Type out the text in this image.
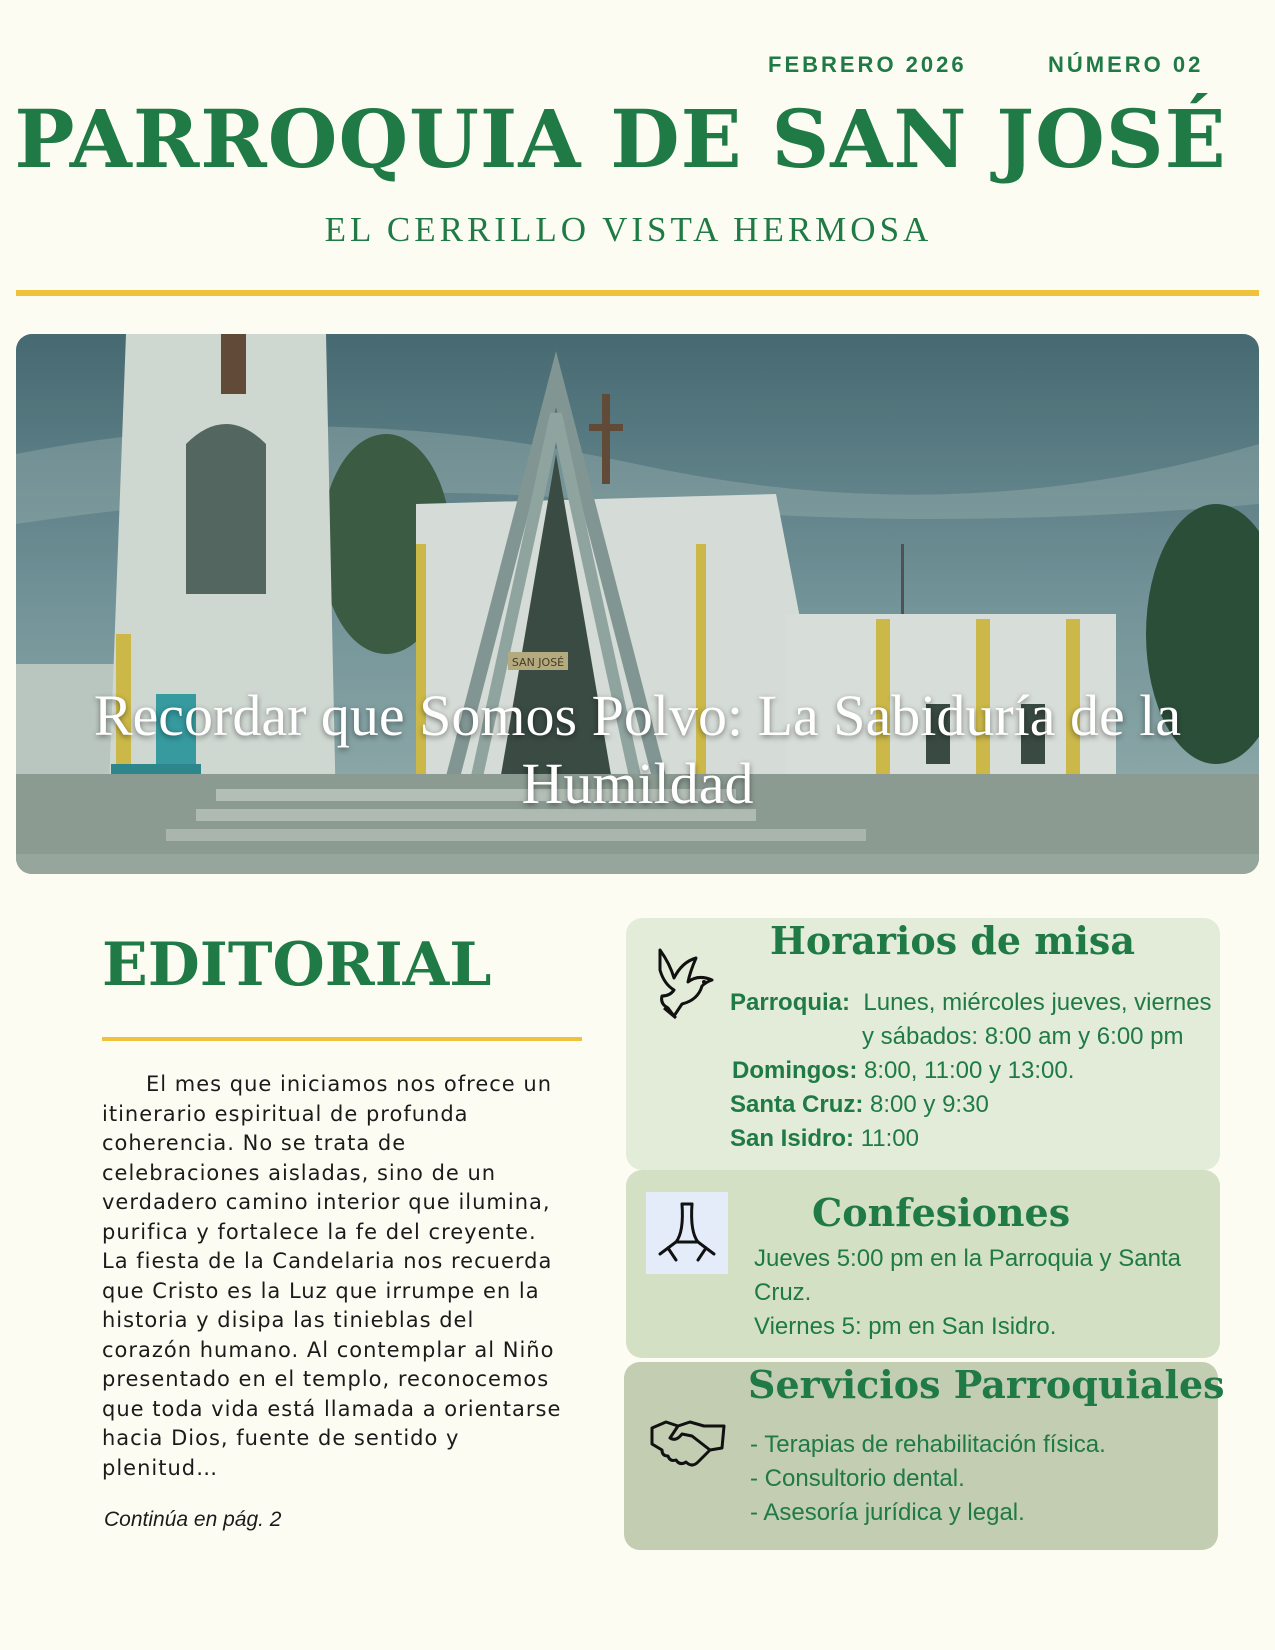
FEBRERO 2026	NÚMERO 02
PARROQUIA DE SAN JOSÉ
EL CERRILLO VISTA HERMOSA
SAN JOSÉ
Recordar que Somos Polvo: La Sabiduría de la Humildad
EDITORIAL

El mes que iniciamos nos ofrece un itinerario espiritual de profunda coherencia. No se trata de celebraciones aisladas, sino de un verdadero camino interior que ilumina, purifica y fortalece la fe del creyente. La fiesta de la Candelaria nos recuerda que Cristo es la Luz que irrumpe en la historia y disipa las tinieblas del corazón humano. Al contemplar al Niño presentado en el templo, reconocemos que toda vida está llamada a orientarse hacia Dios, fuente de sentido y plenitud…

Continúa en pág. 2
Horarios de misa
Parroquia: Lunes, miércoles jueves, viernes
y sábados: 8:00 am y 6:00 pm
Domingos: 8:00, 11:00 y 13:00.
Santa Cruz: 8:00 y 9:30
San Isidro: 11:00
Confesiones
Jueves 5:00 pm en la Parroquia y Santa Cruz.
Viernes 5: pm en San Isidro.
Servicios Parroquiales
- Terapias de rehabilitación física.
- Consultorio dental.
- Asesoría jurídica y legal.
